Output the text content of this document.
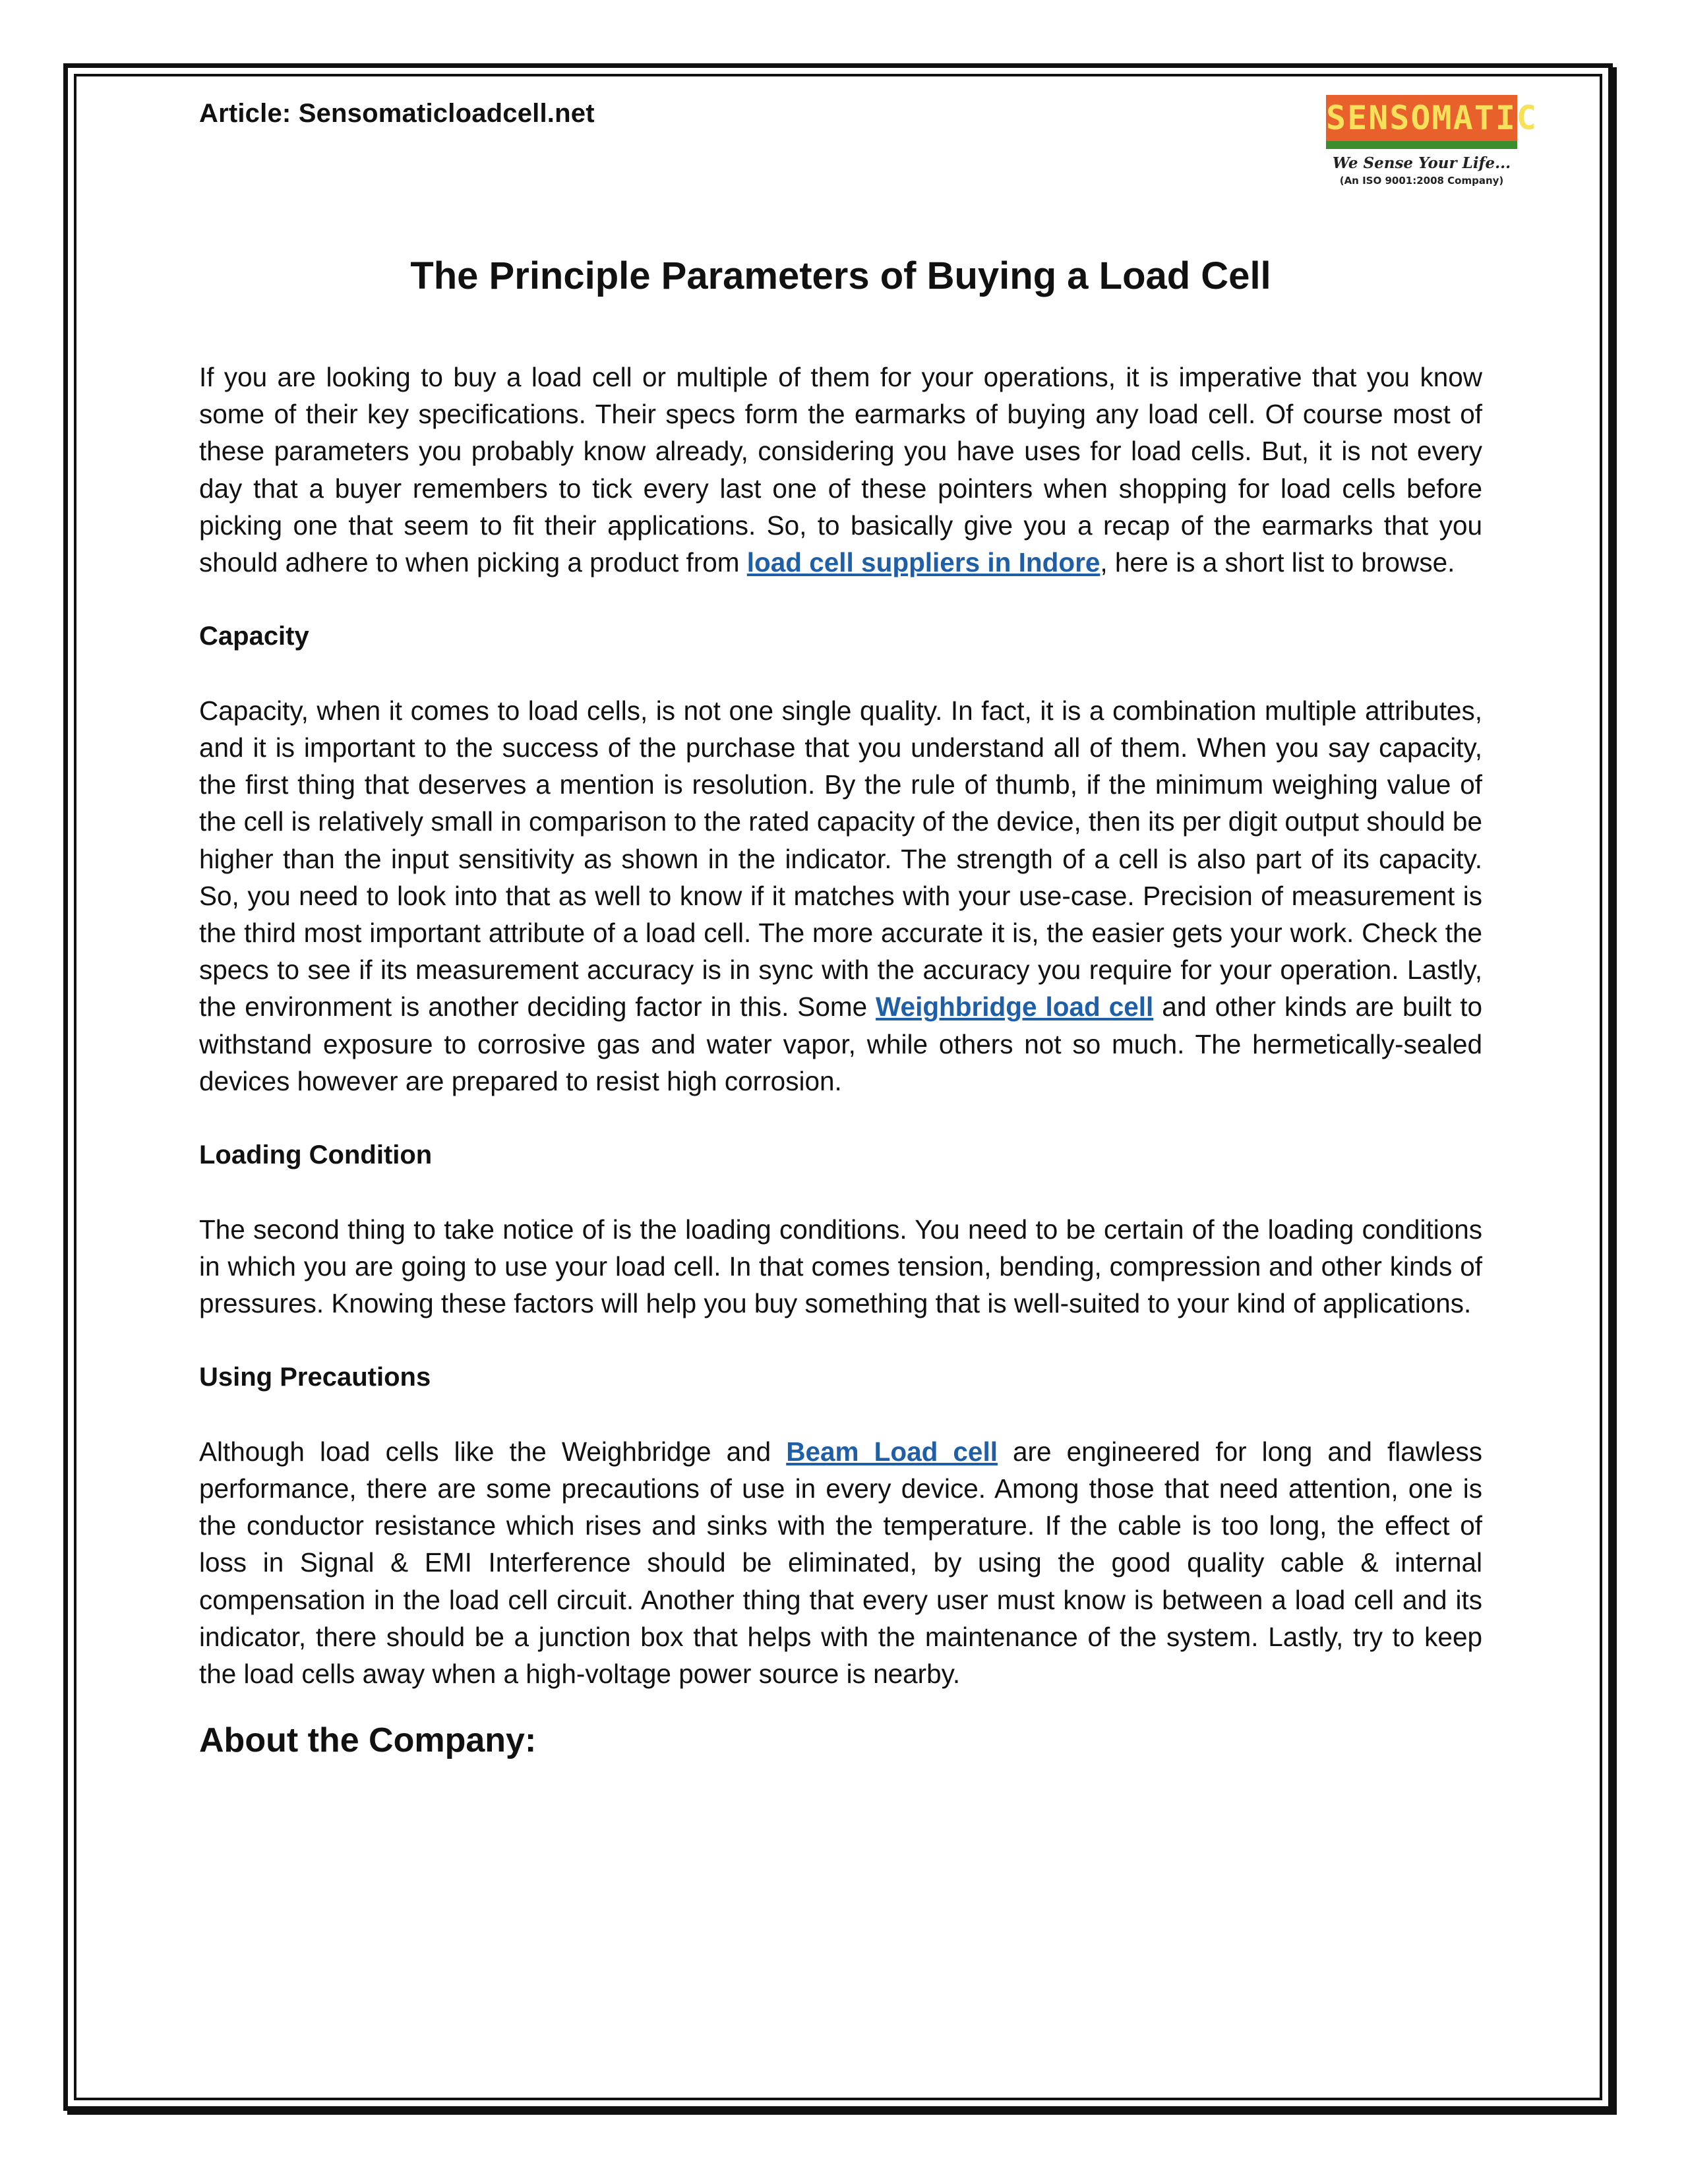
Article: Sensomaticloadcell.net	SENSOMATIC
We Sense Your Life...
(An ISO 9001:2008 Company)
The Principle Parameters of Buying a Load Cell

If you are looking to buy a load cell or multiple of them for your operations, it is imperative that you know some of their key specifications. Their specs form the earmarks of buying any load cell. Of course most of these parameters you probably know already, considering you have uses for load cells. But, it is not every day that a buyer remembers to tick every last one of these pointers when shopping for load cells before picking one that seem to fit their applications. So, to basically give you a recap of the earmarks that you should adhere to when picking a product from load cell suppliers in Indore, here is a short list to browse.

Capacity

Capacity, when it comes to load cells, is not one single quality. In fact, it is a combination multiple attributes, and it is important to the success of the purchase that you understand all of them. When you say capacity, the first thing that deserves a mention is resolution. By the rule of thumb, if the minimum weighing value of the cell is relatively small in comparison to the rated capacity of the device, then its per digit output should be higher than the input sensitivity as shown in the indicator. The strength of a cell is also part of its capacity. So, you need to look into that as well to know if it matches with your use-case. Precision of measurement is the third most important attribute of a load cell. The more accurate it is, the easier gets your work. Check the specs to see if its measurement accuracy is in sync with the accuracy you require for your operation. Lastly, the environment is another deciding factor in this. Some Weighbridge load cell and other kinds are built to withstand exposure to corrosive gas and water vapor, while others not so much. The hermetically-sealed devices however are prepared to resist high corrosion.

Loading Condition

The second thing to take notice of is the loading conditions. You need to be certain of the loading conditions in which you are going to use your load cell. In that comes tension, bending, compression and other kinds of pressures. Knowing these factors will help you buy something that is well-suited to your kind of applications.

Using Precautions

Although load cells like the Weighbridge and Beam Load cell are engineered for long and flawless performance, there are some precautions of use in every device. Among those that need attention, one is the conductor resistance which rises and sinks with the temperature. If the cable is too long, the effect of loss in Signal & EMI Interference should be eliminated, by using the good quality cable & internal compensation in the load cell circuit. Another thing that every user must know is between a load cell and its indicator, there should be a junction box that helps with the maintenance of the system. Lastly, try to keep the load cells away when a high-voltage power source is nearby.

About the Company:
